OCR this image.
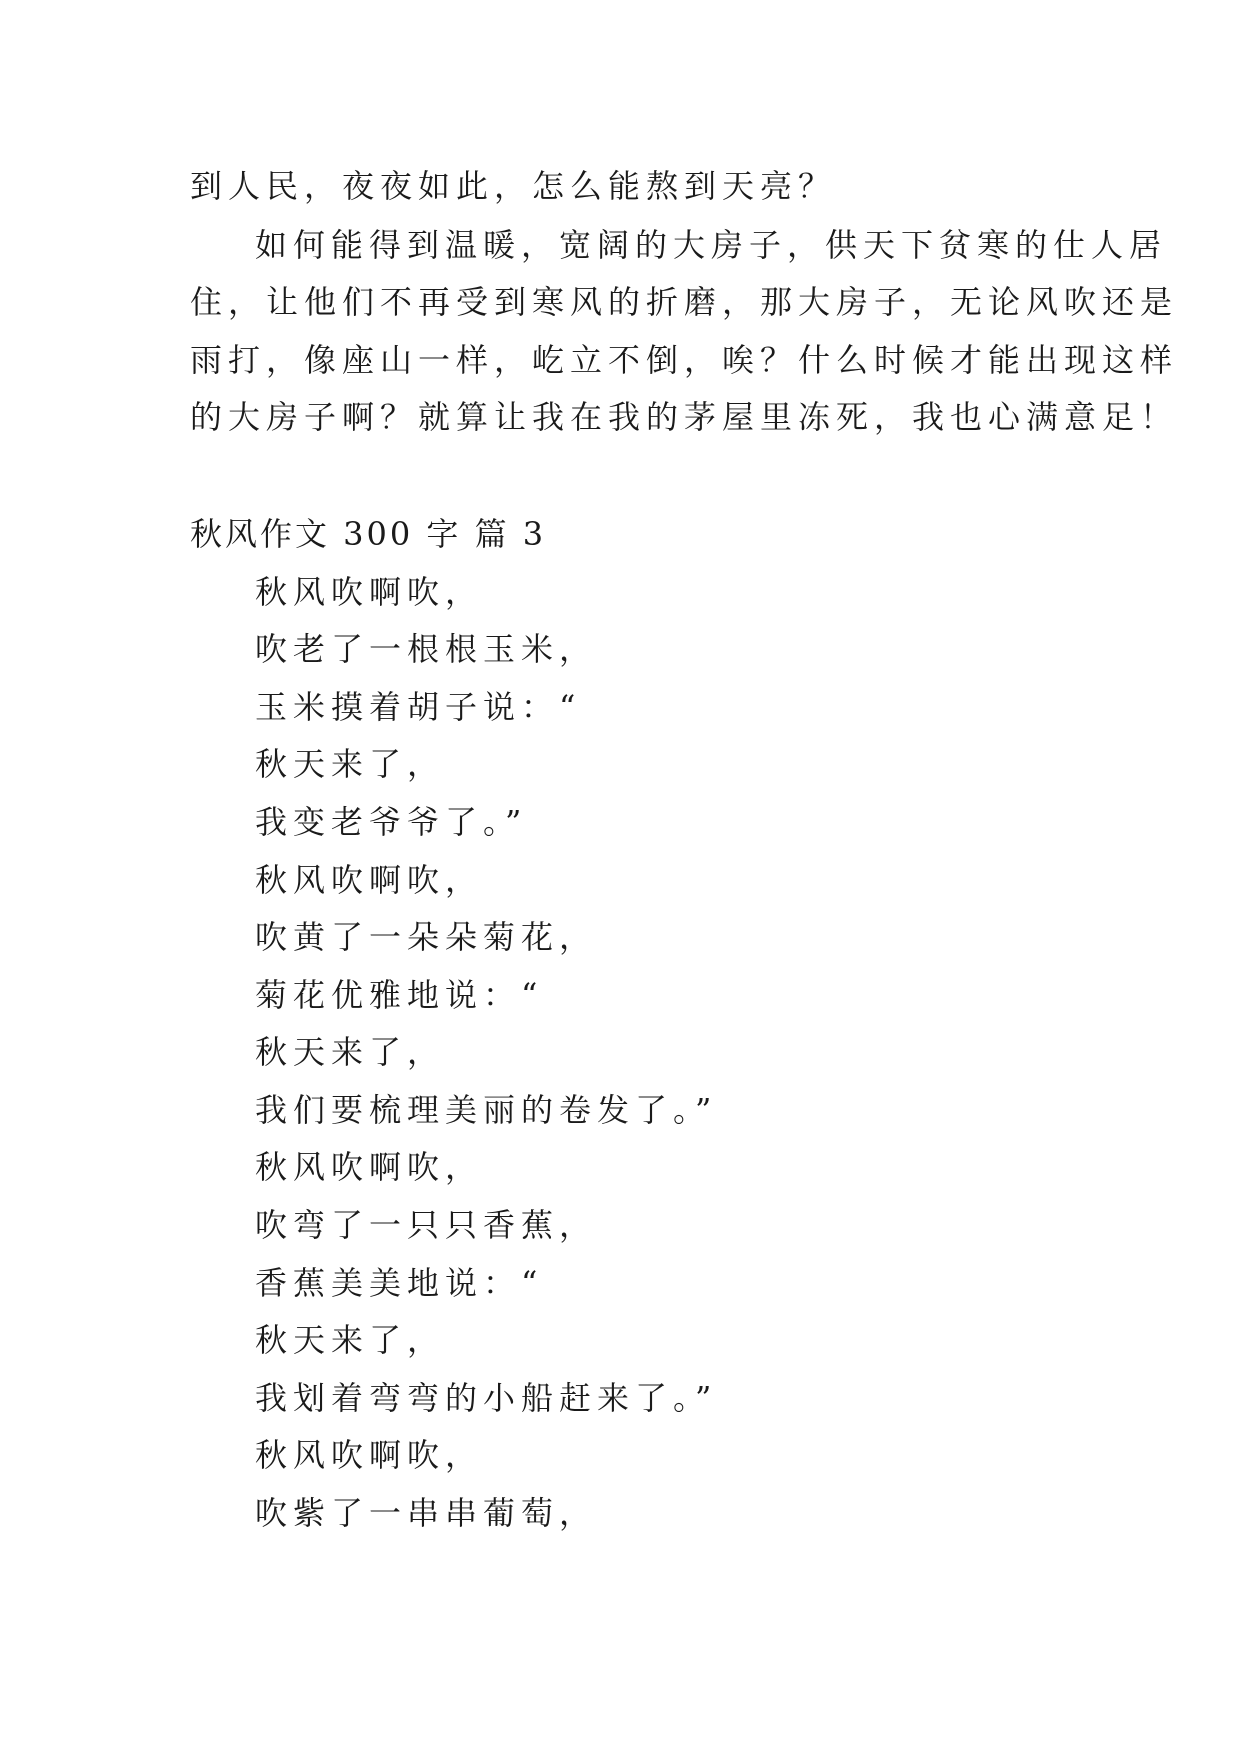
到人民，夜夜如此，怎么能熬到天亮？
如何能得到温暖，宽阔的大房子，供天下贫寒的仕人居
住，让他们不再受到寒风的折磨，那大房子，无论风吹还是
雨打，像座山一样，屹立不倒，唉？什么时候才能出现这样
的大房子啊？就算让我在我的茅屋里冻死，我也心满意足！
秋风作文 300 字 篇 3
秋风吹啊吹，
吹老了一根根玉米，
玉米摸着胡子说：“
秋天来了，
我变老爷爷了。”
秋风吹啊吹，
吹黄了一朵朵菊花，
菊花优雅地说：“
秋天来了，
我们要梳理美丽的卷发了。”
秋风吹啊吹，
吹弯了一只只香蕉，
香蕉美美地说：“
秋天来了，
我划着弯弯的小船赶来了。”
秋风吹啊吹，
吹紫了一串串葡萄，
